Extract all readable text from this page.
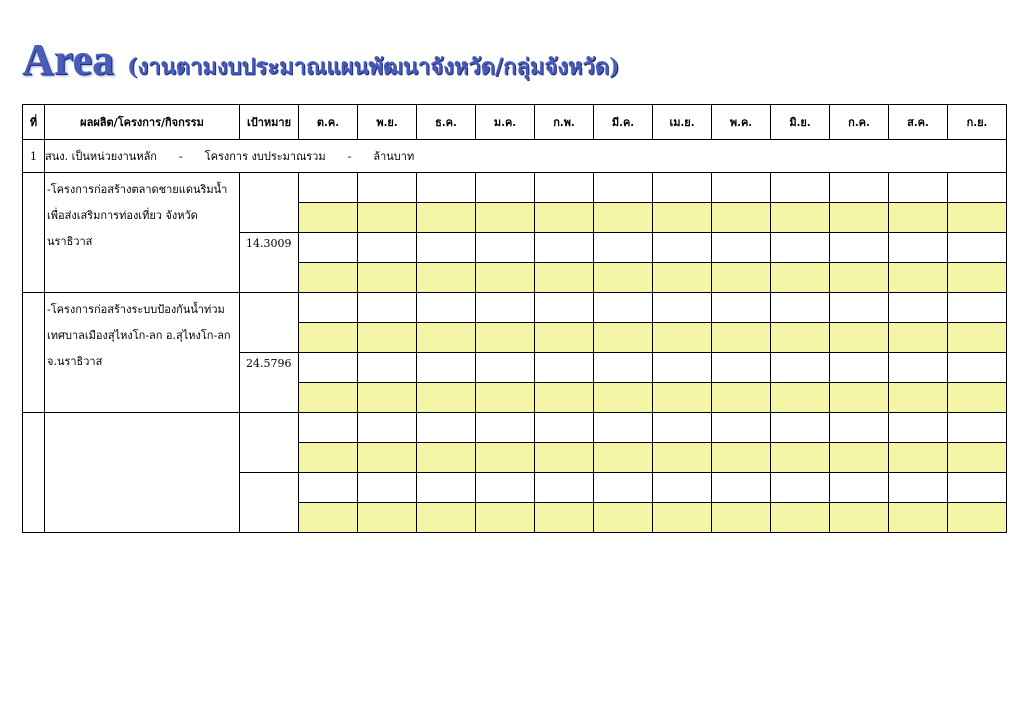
Area (งานตามงบประมาณแผนพัฒนาจังหวัด/กลุ่มจังหวัด)
ที่	ผลผลิต/โครงการ/กิจกรรม	เป้าหมาย	ต.ค.	พ.ย.	ธ.ค.	ม.ค.	ก.พ.	มี.ค.	เม.ย.	พ.ค.	มิ.ย.	ก.ค.	ส.ค.	ก.ย.
1	สนง. เป็นหน่วยงานหลัก - โครงการ งบประมาณรวม - ล้านบาท													
	-โครงการก่อสร้างตลาดชายแดนริมน้ำ เพื่อส่งเสริมการท่องเที่ยว จังหวัดนราธิวาส													

		14.3009												

	-โครงการก่อสร้างระบบป้องกันน้ำท่วมเทศบาลเมืองสุไหงโก-ลก อ.สุไหงโก-ลก จ.นราธิวาส													

		24.5796												
